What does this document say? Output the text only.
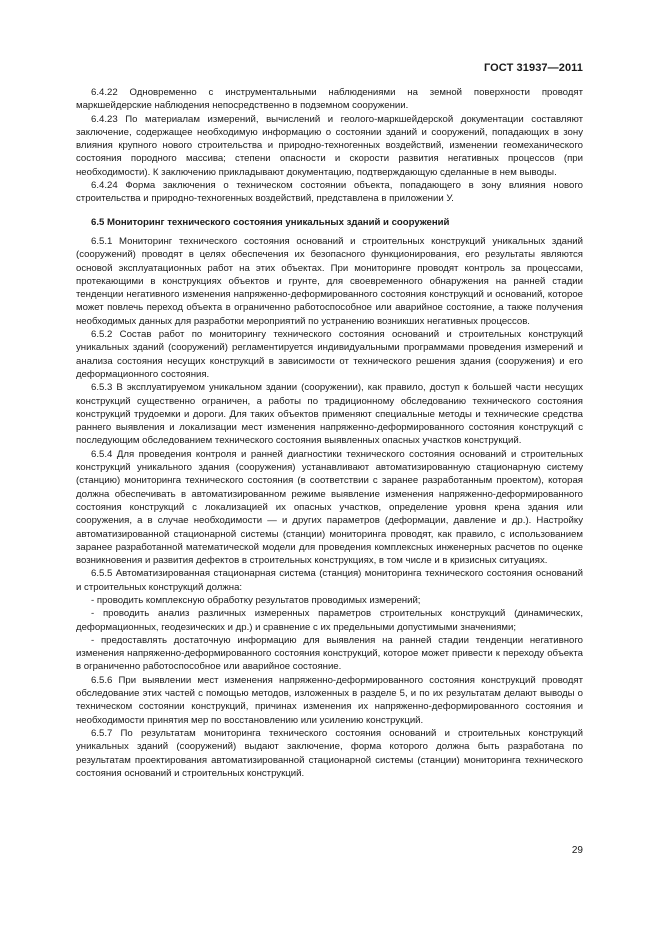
ГОСТ 31937—2011

6.4.22 Одновременно с инструментальными наблюдениями на земной поверхности проводят маркшейдерские наблюдения непосредственно в подземном сооружении.

6.4.23 По материалам измерений, вычислений и геолого-маркшейдерской документации составляют заключение, содержащее необходимую информацию о состоянии зданий и сооружений, попадающих в зону влияния крупного нового строительства и природно-техногенных воздействий, изменении геомеханического состояния породного массива; степени опасности и скорости развития негативных процессов (при необходимости). К заключению прикладывают документацию, подтверждающую сделанные в нем выводы.

6.4.24 Форма заключения о техническом состоянии объекта, попадающего в зону влияния нового строительства и природно-техногенных воздействий, представлена в приложении У.

6.5 Мониторинг технического состояния уникальных зданий и сооружений

6.5.1 Мониторинг технического состояния оснований и строительных конструкций уникальных зданий (сооружений) проводят в целях обеспечения их безопасного функционирования, его результаты являются основой эксплуатационных работ на этих объектах. При мониторинге проводят контроль за процессами, протекающими в конструкциях объектов и грунте, для своевременного обнаружения на ранней стадии тенденции негативного изменения напряженно-деформированного состояния конструкций и оснований, которое может повлечь переход объекта в ограниченно работоспособное или аварийное состояние, а также получения необходимых данных для разработки мероприятий по устранению возникших негативных процессов.

6.5.2 Состав работ по мониторингу технического состояния оснований и строительных конструкций уникальных зданий (сооружений) регламентируется индивидуальными программами проведения измерений и анализа состояния несущих конструкций в зависимости от технического решения здания (сооружения) и его деформационного состояния.

6.5.3 В эксплуатируемом уникальном здании (сооружении), как правило, доступ к большей части несущих конструкций существенно ограничен, а работы по традиционному обследованию технического состояния конструкций трудоемки и дороги. Для таких объектов применяют специальные методы и технические средства раннего выявления и локализации мест изменения напряженно-деформированного состояния конструкций с последующим обследованием технического состояния выявленных опасных участков конструкций.

6.5.4 Для проведения контроля и ранней диагностики технического состояния оснований и строительных конструкций уникального здания (сооружения) устанавливают автоматизированную стационарную систему (станцию) мониторинга технического состояния (в соответствии с заранее разработанным проектом), которая должна обеспечивать в автоматизированном режиме выявление изменения напряженно-деформированного состояния конструкций с локализацией их опасных участков, определение уровня крена здания или сооружения, а в случае необходимости — и других параметров (деформации, давление и др.). Настройку автоматизированной стационарной системы (станции) мониторинга проводят, как правило, с использованием заранее разработанной математической модели для проведения комплексных инженерных расчетов по оценке возникновения и развития дефектов в строительных конструкциях, в том числе и в кризисных ситуациях.

6.5.5 Автоматизированная стационарная система (станция) мониторинга технического состояния оснований и строительных конструкций должна:

- проводить комплексную обработку результатов проводимых измерений;

- проводить анализ различных измеренных параметров строительных конструкций (динамических, деформационных, геодезических и др.) и сравнение с их предельными допустимыми значениями;

- предоставлять достаточную информацию для выявления на ранней стадии тенденции негативного изменения напряженно-деформированного состояния конструкций, которое может привести к переходу объекта в ограниченно работоспособное или аварийное состояние.

6.5.6 При выявлении мест изменения напряженно-деформированного состояния конструкций проводят обследование этих частей с помощью методов, изложенных в разделе 5, и по их результатам делают выводы о техническом состоянии конструкций, причинах изменения их напряженно-деформированного состояния и необходимости принятия мер по восстановлению или усилению конструкций.

6.5.7 По результатам мониторинга технического состояния оснований и строительных конструкций уникальных зданий (сооружений) выдают заключение, форма которого должна быть разработана по результатам проектирования автоматизированной стационарной системы (станции) мониторинга технического состояния оснований и строительных конструкций.

29
